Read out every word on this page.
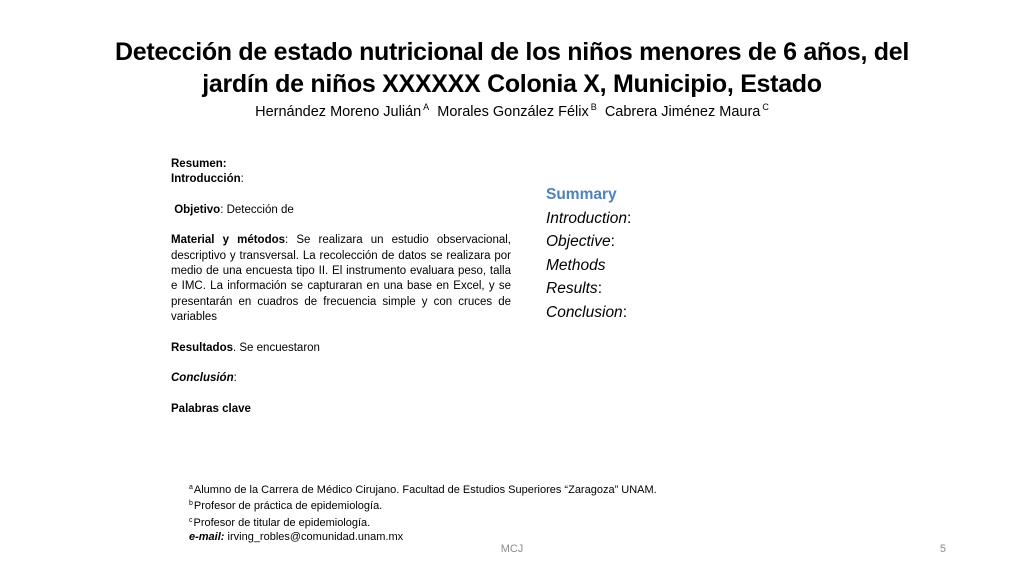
Detección de estado nutricional de los niños menores de 6 años, del
jardín de niños XXXXXX Colonia X, Municipio, Estado
Hernández Moreno Julián $^A$ Morales González Félix $^B$ Cabrera Jiménez Maura $^C$

Resumen:

Introducción:

Objetivo: Detección de

Material y métodos: Se realizara un estudio observacional, descriptivo y transversal. La recolección de datos se realizara por medio de una encuesta tipo II. El instrumento evaluara peso, talla e IMC. La información se capturaran en una base en Excel, y se presentarán en cuadros de frecuencia simple y con cruces de variables

Resultados. Se encuestaron

Conclusión:

Palabras clave

Summary

Introduction:

Objective:

Methods

Results:

Conclusion:

$^a$Alumno de la Carrera de Médico Cirujano. Facultad de Estudios Superiores “Zaragoza” UNAM.

$^b$Profesor de práctica de epidemiología.

$^c$Profesor de titular de epidemiología.

e-mail: irving_robles@comunidad.unam.mx

MCJ	5
